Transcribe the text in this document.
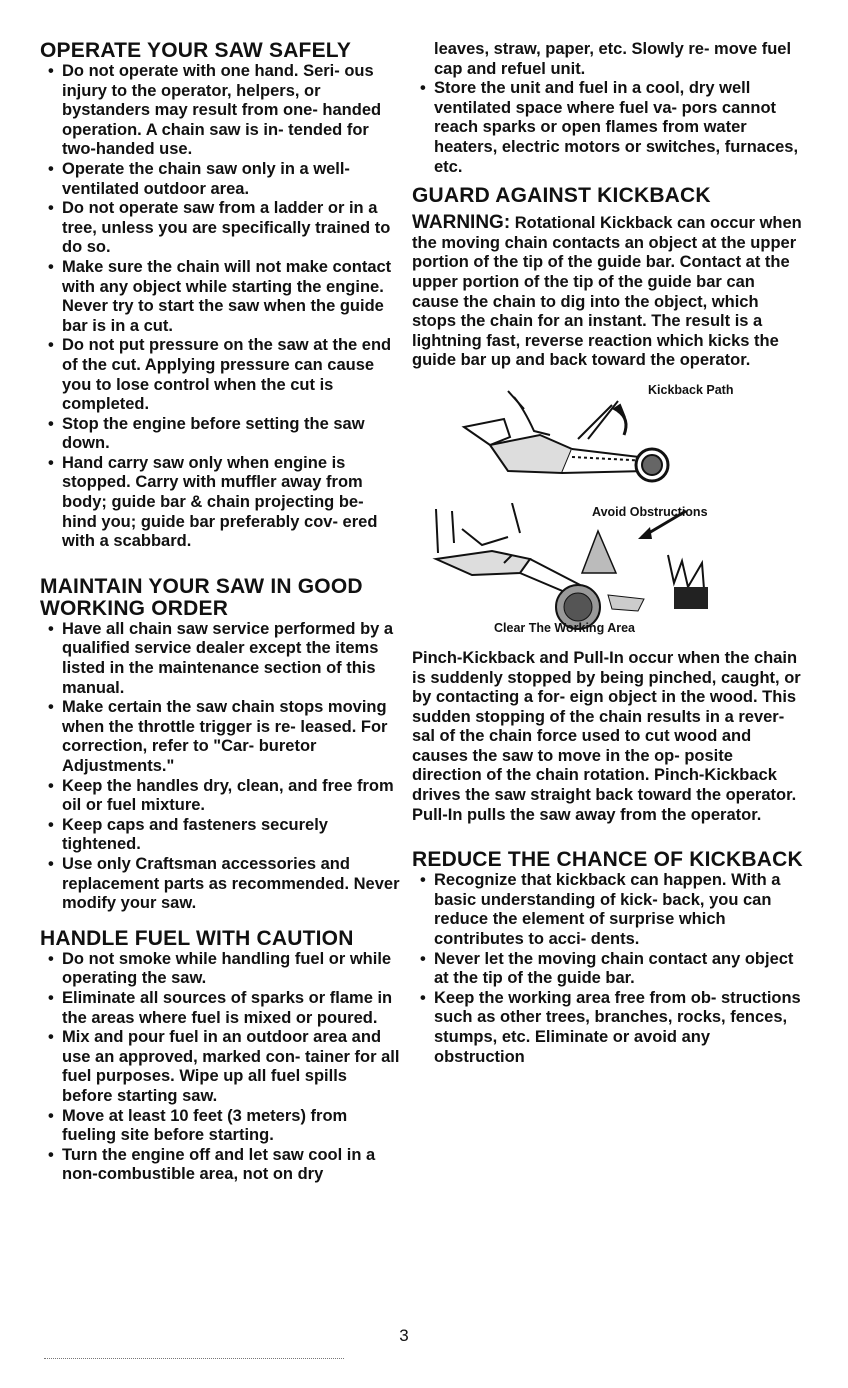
OPERATE YOUR SAW SAFELY
• Do not operate with one hand. Seri- ous injury to the operator, helpers, or bystanders may result from one- handed operation. A chain saw is in- tended for two-handed use.
• Operate the chain saw only in a well- ventilated outdoor area.
• Do not operate saw from a ladder or in a tree, unless you are specifically trained to do so.
• Make sure the chain will not make contact with any object while starting the engine. Never try to start the saw when the guide bar is in a cut.
• Do not put pressure on the saw at the end of the cut. Applying pressure can cause you to lose control when the cut is completed.
• Stop the engine before setting the saw down.
• Hand carry saw only when engine is stopped. Carry with muffler away from body; guide bar & chain projecting be- hind you; guide bar preferably cov- ered with a scabbard.
MAINTAIN YOUR SAW IN GOOD WORKING ORDER
• Have all chain saw service performed by a qualified service dealer except the items listed in the maintenance section of this manual.
• Make certain the saw chain stops moving when the throttle trigger is re- leased. For correction, refer to "Car- buretor Adjustments."
• Keep the handles dry, clean, and free from oil or fuel mixture.
• Keep caps and fasteners securely tightened.
• Use only Craftsman accessories and replacement parts as recommended. Never modify your saw.
HANDLE FUEL WITH CAUTION
• Do not smoke while handling fuel or while operating the saw.
• Eliminate all sources of sparks or flame in the areas where fuel is mixed or poured.
• Mix and pour fuel in an outdoor area and use an approved, marked con- tainer for all fuel purposes. Wipe up all fuel spills before starting saw.
• Move at least 10 feet (3 meters) from fueling site before starting.
• Turn the engine off and let saw cool in a non-combustible area, not on dry

leaves, straw, paper, etc. Slowly re- move fuel cap and refuel unit.

• Store the unit and fuel in a cool, dry well ventilated space where fuel va- pors cannot reach sparks or open flames from water heaters, electric motors or switches, furnaces, etc.
GUARD AGAINST KICKBACK

WARNING: Rotational Kickback can occur when the moving chain contacts an object at the upper portion of the tip of the guide bar. Contact at the upper portion of the tip of the guide bar can cause the chain to dig into the object, which stops the chain for an instant. The result is a lightning fast, reverse reaction which kicks the guide bar up and back toward the operator.

Kickback Path
Avoid Obstructions
Clear The Working Area

Pinch-Kickback and Pull-In occur when the chain is suddenly stopped by being pinched, caught, or by contacting a for- eign object in the wood. This sudden stopping of the chain results in a rever- sal of the chain force used to cut wood and causes the saw to move in the op- posite direction of the chain rotation. Pinch-Kickback drives the saw straight back toward the operator. Pull-In pulls the saw away from the operator.

REDUCE THE CHANCE OF KICKBACK
• Recognize that kickback can happen. With a basic understanding of kick- back, you can reduce the element of surprise which contributes to acci- dents.
• Never let the moving chain contact any object at the tip of the guide bar.
• Keep the working area free from ob- structions such as other trees, branches, rocks, fences, stumps, etc. Eliminate or avoid any obstruction
3
